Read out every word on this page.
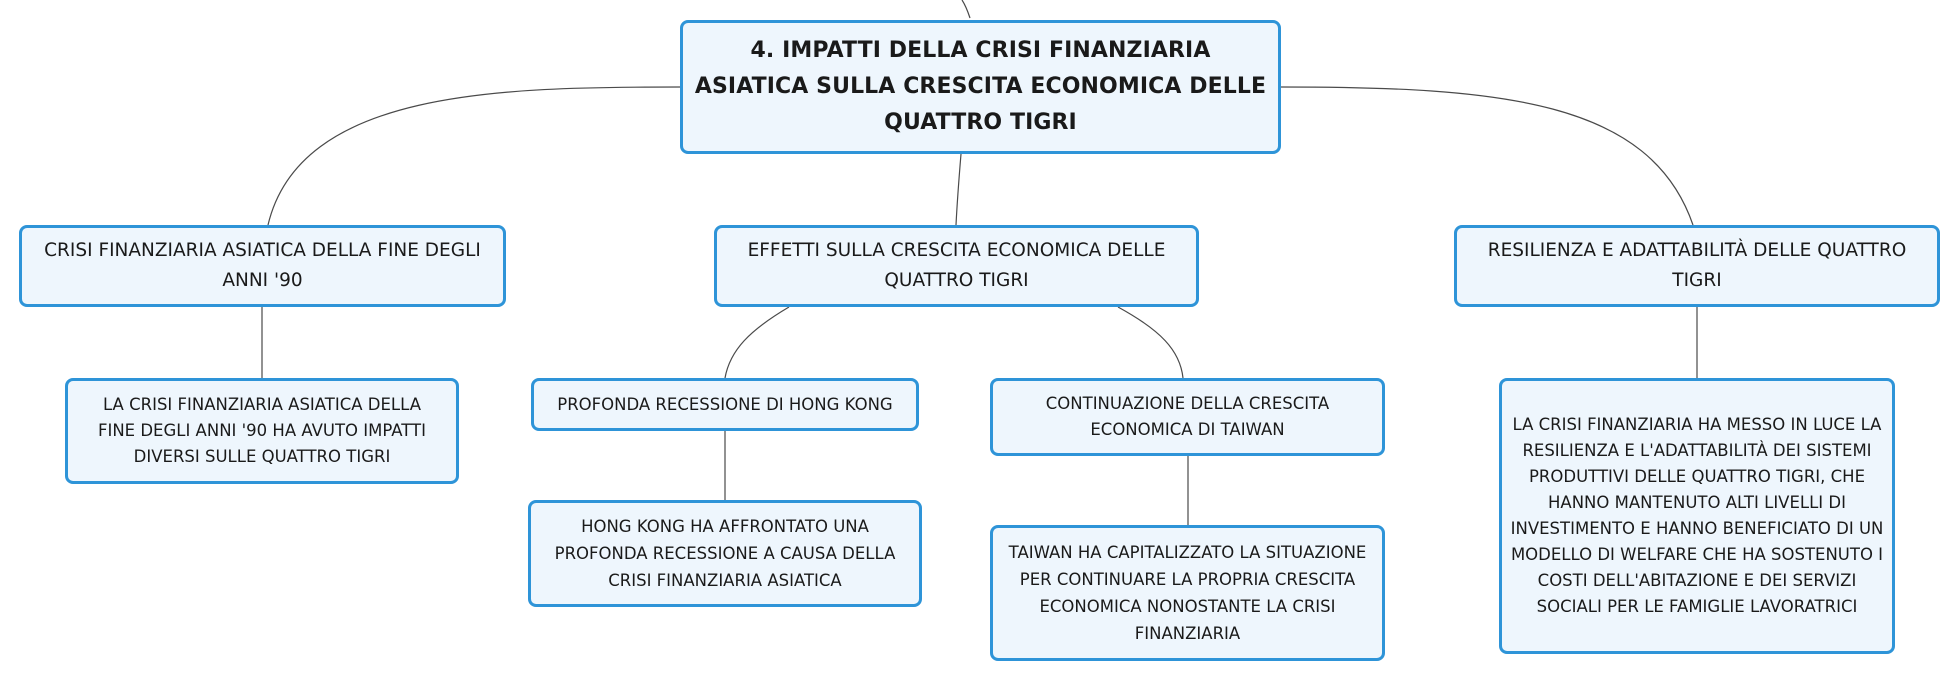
4. IMPATTI DELLA CRISI FINANZIARIA ASIATICA SULLA CRESCITA ECONOMICA DELLE QUATTRO TIGRI
CRISI FINANZIARIA ASIATICA DELLA FINE DEGLI ANNI '90
EFFETTI SULLA CRESCITA ECONOMICA DELLE QUATTRO TIGRI
RESILIENZA E ADATTABILITÀ DELLE QUATTRO TIGRI
LA CRISI FINANZIARIA ASIATICA DELLA FINE DEGLI ANNI '90 HA AVUTO IMPATTI DIVERSI SULLE QUATTRO TIGRI
PROFONDA RECESSIONE DI HONG KONG	CONTINUAZIONE DELLA CRESCITA ECONOMICA DI TAIWAN	LA CRISI FINANZIARIA HA MESSO IN LUCE LA RESILIENZA E L'ADATTABILITÀ DEI SISTEMI PRODUTTIVI DELLE QUATTRO TIGRI, CHE HANNO MANTENUTO ALTI LIVELLI DI INVESTIMENTO E HANNO BENEFICIATO DI UN MODELLO DI WELFARE CHE HA SOSTENUTO I COSTI DELL'ABITAZIONE E DEI SERVIZI SOCIALI PER LE FAMIGLIE LAVORATRICI
HONG KONG HA AFFRONTATO UNA PROFONDA RECESSIONE A CAUSA DELLA CRISI FINANZIARIA ASIATICA
TAIWAN HA CAPITALIZZATO LA SITUAZIONE PER CONTINUARE LA PROPRIA CRESCITA ECONOMICA NONOSTANTE LA CRISI FINANZIARIA
